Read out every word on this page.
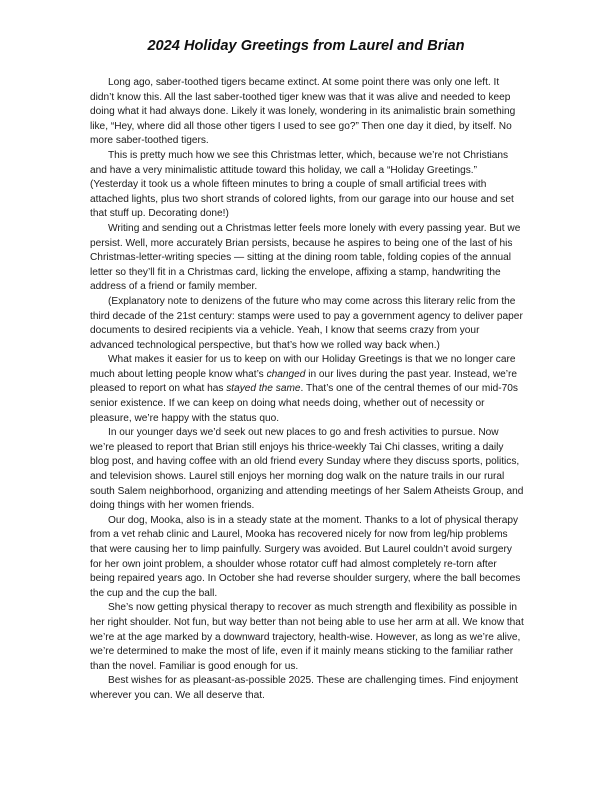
2024 Holiday Greetings from Laurel and Brian

Long ago, saber-toothed tigers became extinct. At some point there was only one left. It didn’t know this. All the last saber-toothed tiger knew was that it was alive and needed to keep doing what it had always done. Likely it was lonely, wondering in its animalistic brain something like, “Hey, where did all those other tigers I used to see go?” Then one day it died, by itself. No more saber-toothed tigers.

This is pretty much how we see this Christmas letter, which, because we’re not Christians and have a very minimalistic attitude toward this holiday, we call a “Holiday Greetings.” (Yesterday it took us a whole fifteen minutes to bring a couple of small artificial trees with attached lights, plus two short strands of colored lights, from our garage into our house and set that stuff up. Decorating done!)

Writing and sending out a Christmas letter feels more lonely with every passing year. But we persist. Well, more accurately Brian persists, because he aspires to being one of the last of his Christmas-letter-writing species — sitting at the dining room table, folding copies of the annual letter so they’ll fit in a Christmas card, licking the envelope, affixing a stamp, handwriting the address of a friend or family member.

(Explanatory note to denizens of the future who may come across this literary relic from the third decade of the 21st century: stamps were used to pay a government agency to deliver paper documents to desired recipients via a vehicle. Yeah, I know that seems crazy from your advanced technological perspective, but that’s how we rolled way back when.)

What makes it easier for us to keep on with our Holiday Greetings is that we no longer care much about letting people know what’s changed in our lives during the past year. Instead, we’re pleased to report on what has stayed the same. That’s one of the central themes of our mid-70s senior existence. If we can keep on doing what needs doing, whether out of necessity or pleasure, we’re happy with the status quo.

In our younger days we’d seek out new places to go and fresh activities to pursue. Now we’re pleased to report that Brian still enjoys his thrice-weekly Tai Chi classes, writing a daily blog post, and having coffee with an old friend every Sunday where they discuss sports, politics, and television shows. Laurel still enjoys her morning dog walk on the nature trails in our rural south Salem neighborhood, organizing and attending meetings of her Salem Atheists Group, and doing things with her women friends.

Our dog, Mooka, also is in a steady state at the moment. Thanks to a lot of physical therapy from a vet rehab clinic and Laurel, Mooka has recovered nicely for now from leg/hip problems that were causing her to limp painfully. Surgery was avoided. But Laurel couldn’t avoid surgery for her own joint problem, a shoulder whose rotator cuff had almost completely re-torn after being repaired years ago. In October she had reverse shoulder surgery, where the ball becomes the cup and the cup the ball.

She’s now getting physical therapy to recover as much strength and flexibility as possible in her right shoulder. Not fun, but way better than not being able to use her arm at all. We know that we’re at the age marked by a downward trajectory, health-wise. However, as long as we’re alive, we’re determined to make the most of life, even if it mainly means sticking to the familiar rather than the novel. Familiar is good enough for us.

Best wishes for as pleasant-as-possible 2025. These are challenging times. Find enjoyment wherever you can. We all deserve that.
